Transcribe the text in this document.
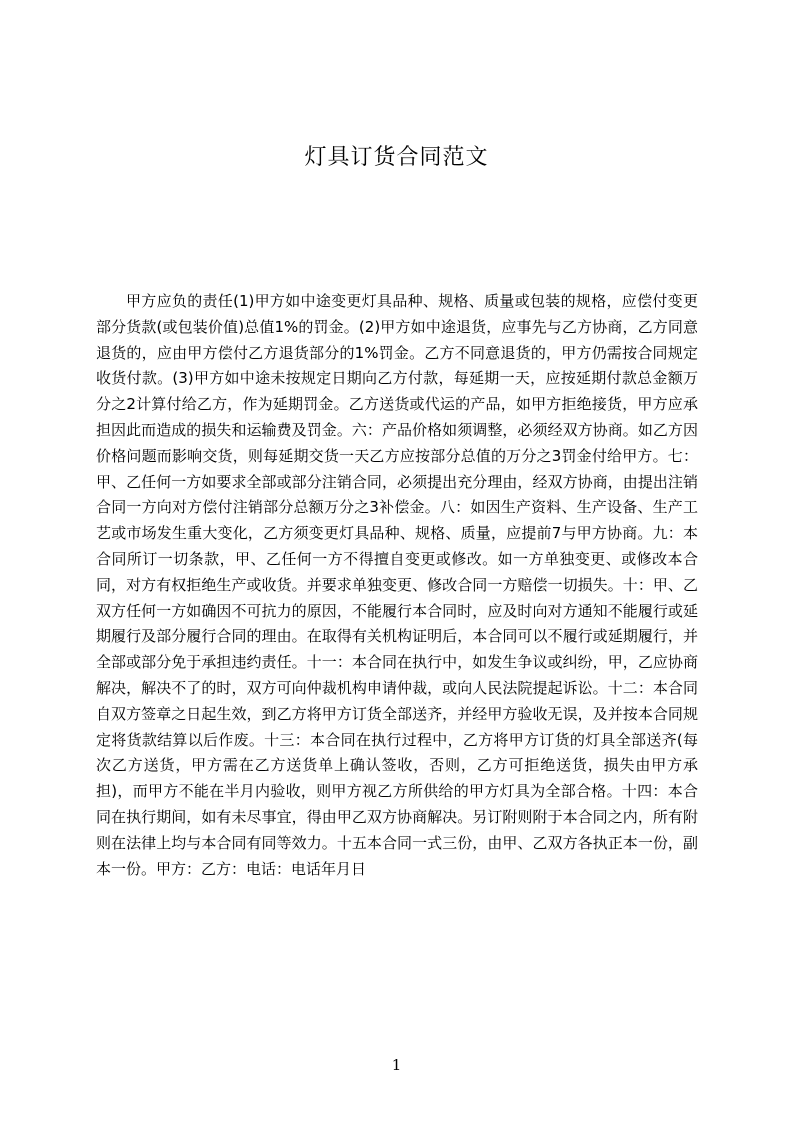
灯具订货合同范文
甲方应负的责任(1)甲方如中途变更灯具品种、规格、质量或包装的规格，应偿付变更部分货款(或包装价值)总值1%的罚金。(2)甲方如中途退货，应事先与乙方协商，乙方同意退货的，应由甲方偿付乙方退货部分的1%罚金。乙方不同意退货的，甲方仍需按合同规定收货付款。(3)甲方如中途未按规定日期向乙方付款，每延期一天，应按延期付款总金额万分之2计算付给乙方，作为延期罚金。乙方送货或代运的产品，如甲方拒绝接货，甲方应承担因此而造成的损失和运输费及罚金。六：产品价格如须调整，必须经双方协商。如乙方因价格问题而影响交货，则每延期交货一天乙方应按部分总值的万分之3罚金付给甲方。七：甲、乙任何一方如要求全部或部分注销合同，必须提出充分理由，经双方协商，由提出注销合同一方向对方偿付注销部分总额万分之3补偿金。八：如因生产资料、生产设备、生产工艺或市场发生重大变化，乙方须变更灯具品种、规格、质量，应提前7与甲方协商。九：本合同所订一切条款，甲、乙任何一方不得擅自变更或修改。如一方单独变更、或修改本合同，对方有权拒绝生产或收货。并要求单独变更、修改合同一方赔偿一切损失。十：甲、乙双方任何一方如确因不可抗力的原因，不能履行本合同时，应及时向对方通知不能履行或延期履行及部分履行合同的理由。在取得有关机构证明后，本合同可以不履行或延期履行，并全部或部分免于承担违约责任。十一：本合同在执行中，如发生争议或纠纷，甲，乙应协商解决，解决不了的时，双方可向仲裁机构申请仲裁，或向人民法院提起诉讼。十二：本合同自双方签章之日起生效，到乙方将甲方订货全部送齐，并经甲方验收无误，及并按本合同规定将货款结算以后作废。十三：本合同在执行过程中，乙方将甲方订货的灯具全部送齐(每次乙方送货，甲方需在乙方送货单上确认签收，否则，乙方可拒绝送货，损失由甲方承担)，而甲方不能在半月内验收，则甲方视乙方所供给的甲方灯具为全部合格。十四：本合同在执行期间，如有未尽事宜，得由甲乙双方协商解决。另订附则附于本合同之内，所有附则在法律上均与本合同有同等效力。十五本合同一式三份，由甲、乙双方各执正本一份，副本一份。甲方：乙方：电话：电话年月日
1
